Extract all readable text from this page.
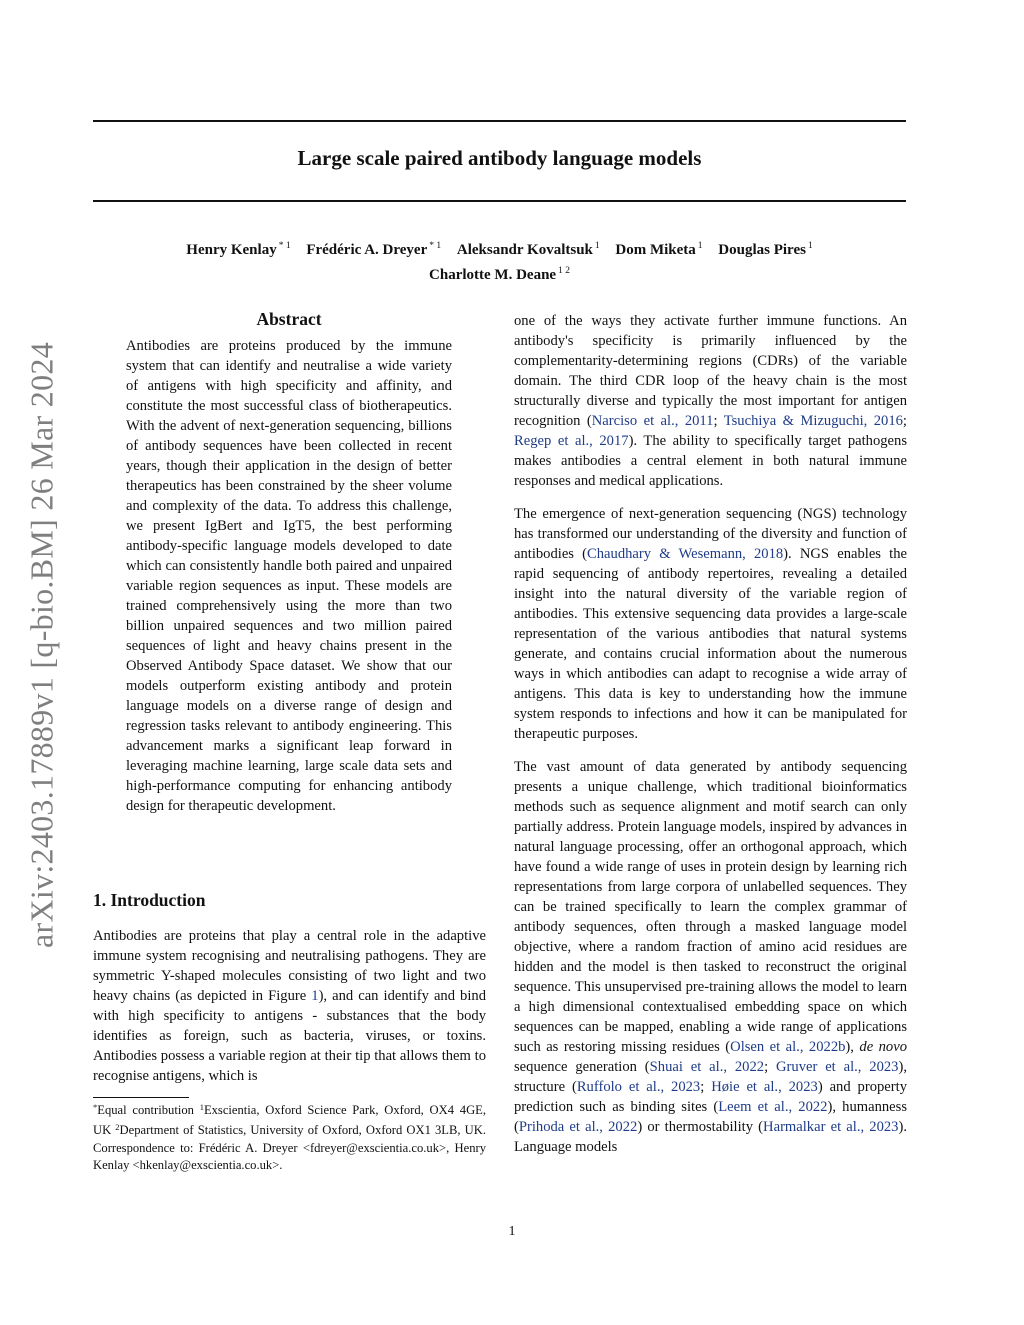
Large scale paired antibody language models
Henry Kenlay $^{* 1}$ Frédéric A. Dreyer $^{* 1}$ Aleksandr Kovaltsuk $^1$ Dom Miketa $^1$ Douglas Pires $^1$
Charlotte M. Deane $^{1 2}$
arXiv:2403.17889v1 [q-bio.BM] 26 Mar 2024
Abstract
Antibodies are proteins produced by the immune system that can identify and neutralise a wide variety of antigens with high specificity and affinity, and constitute the most successful class of biotherapeutics. With the advent of next-generation sequencing, billions of antibody sequences have been collected in recent years, though their application in the design of better therapeutics has been constrained by the sheer volume and complexity of the data. To address this challenge, we present IgBert and IgT5, the best performing antibody-specific language models developed to date which can consistently handle both paired and unpaired variable region sequences as input. These models are trained comprehensively using the more than two billion unpaired sequences and two million paired sequences of light and heavy chains present in the Observed Antibody Space dataset. We show that our models outperform existing antibody and protein language models on a diverse range of design and regression tasks relevant to antibody engineering. This advancement marks a significant leap forward in leveraging machine learning, large scale data sets and high-performance computing for enhancing antibody design for therapeutic development.
1. Introduction

Antibodies are proteins that play a central role in the adaptive immune system recognising and neutralising pathogens. They are symmetric Y-shaped molecules consisting of two light and two heavy chains (as depicted in Figure 1), and can identify and bind with high specificity to antigens - substances that the body identifies as foreign, such as bacteria, viruses, or toxins. Antibodies possess a variable region at their tip that allows them to recognise antigens, which is

*Equal contribution $^1$Exscientia, Oxford Science Park, Oxford, OX4 4GE, UK $^2$Department of Statistics, University of Oxford, Oxford OX1 3LB, UK. Correspondence to: Frédéric A. Dreyer <fdreyer@exscientia.co.uk>, Henry Kenlay <hkenlay@exscientia.co.uk>.

one of the ways they activate further immune functions. An antibody's specificity is primarily influenced by the complementarity-determining regions (CDRs) of the variable domain. The third CDR loop of the heavy chain is the most structurally diverse and typically the most important for antigen recognition (Narciso et al., 2011; Tsuchiya & Mizuguchi, 2016; Regep et al., 2017). The ability to specifically target pathogens makes antibodies a central element in both natural immune responses and medical applications.

The emergence of next-generation sequencing (NGS) technology has transformed our understanding of the diversity and function of antibodies (Chaudhary & Wesemann, 2018). NGS enables the rapid sequencing of antibody repertoires, revealing a detailed insight into the natural diversity of the variable region of antibodies. This extensive sequencing data provides a large-scale representation of the various antibodies that natural systems generate, and contains crucial information about the numerous ways in which antibodies can adapt to recognise a wide array of antigens. This data is key to understanding how the immune system responds to infections and how it can be manipulated for therapeutic purposes.

The vast amount of data generated by antibody sequencing presents a unique challenge, which traditional bioinformatics methods such as sequence alignment and motif search can only partially address. Protein language models, inspired by advances in natural language processing, offer an orthogonal approach, which have found a wide range of uses in protein design by learning rich representations from large corpora of unlabelled sequences. They can be trained specifically to learn the complex grammar of antibody sequences, often through a masked language model objective, where a random fraction of amino acid residues are hidden and the model is then tasked to reconstruct the original sequence. This unsupervised pre-training allows the model to learn a high dimensional contextualised embedding space on which sequences can be mapped, enabling a wide range of applications such as restoring missing residues (Olsen et al., 2022b), de novo sequence generation (Shuai et al., 2022; Gruver et al., 2023), structure (Ruffolo et al., 2023; Høie et al., 2023) and property prediction such as binding sites (Leem et al., 2022), humanness (Prihoda et al., 2022) or thermostability (Harmalkar et al., 2023). Language models

1
